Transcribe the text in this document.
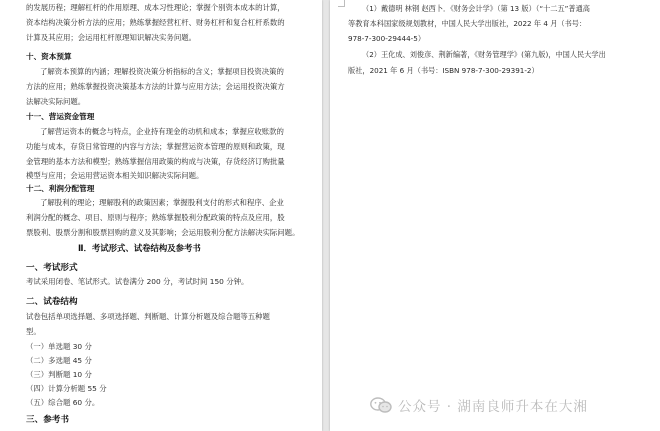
的发展历程；理解杠杆的作用原理、成本习性理论；掌握个别资本成本的计算，
资本结构决策分析方法的应用；熟练掌握经营杠杆、财务杠杆和复合杠杆系数的
计算及其应用；会运用杠杆原理知识解决实务问题。
十、资本预算
了解资本预算的内涵；理解投资决策分析指标的含义；掌握项目投资决策的
方法的应用；熟练掌握投资决策基本方法的计算与应用方法；会运用投资决策方
法解决实际问题。
十一、营运资金管理
了解营运资本的概念与特点，企业持有现金的动机和成本；掌握应收账款的
功能与成本，存货日常管理的内容与方法；掌握营运资本管理的原则和政策，现
金管理的基本方法和模型；熟练掌握信用政策的构成与决策，存货经济订购批量
模型与应用；会运用营运资本相关知识解决实际问题。
十二、利润分配管理
了解股利的理论；理解股利的政策因素；掌握股利支付的形式和程序、企业
利润分配的概念、项目、原则与程序；熟练掌握股利分配政策的特点及应用，股
票股利、股票分割和股票回购的意义及其影响；会运用股利分配方法解决实际问题。
Ⅱ．考试形式、试卷结构及参考书
一、考试形式
考试采用闭卷、笔试形式。试卷满分 200 分，考试时间 150 分钟。
二、试卷结构
试卷包括单项选择题、多项选择题、判断题、计算分析题及综合题等五种题
型。
（一）单选题 30 分
（二）多选题 45 分
（三）判断题 10 分
（四）计算分析题 55 分
（五）综合题 60 分。
三、参考书
（1）戴德明 林钢 赵西卜．《财务会计学》（第 13 版）（“十二五”普通高
等教育本科国家级规划教材，中国人民大学出版社，2022 年 4 月（书号：
978-7-300-29444-5）
（2）王化成、刘俊彦、荆新编著，《财务管理学》(第九版)，中国人民大学出
版社，2021 年 6 月（书号：ISBN 978-7-300-29391-2）
公众号 · 湖南良师升本在大湘
